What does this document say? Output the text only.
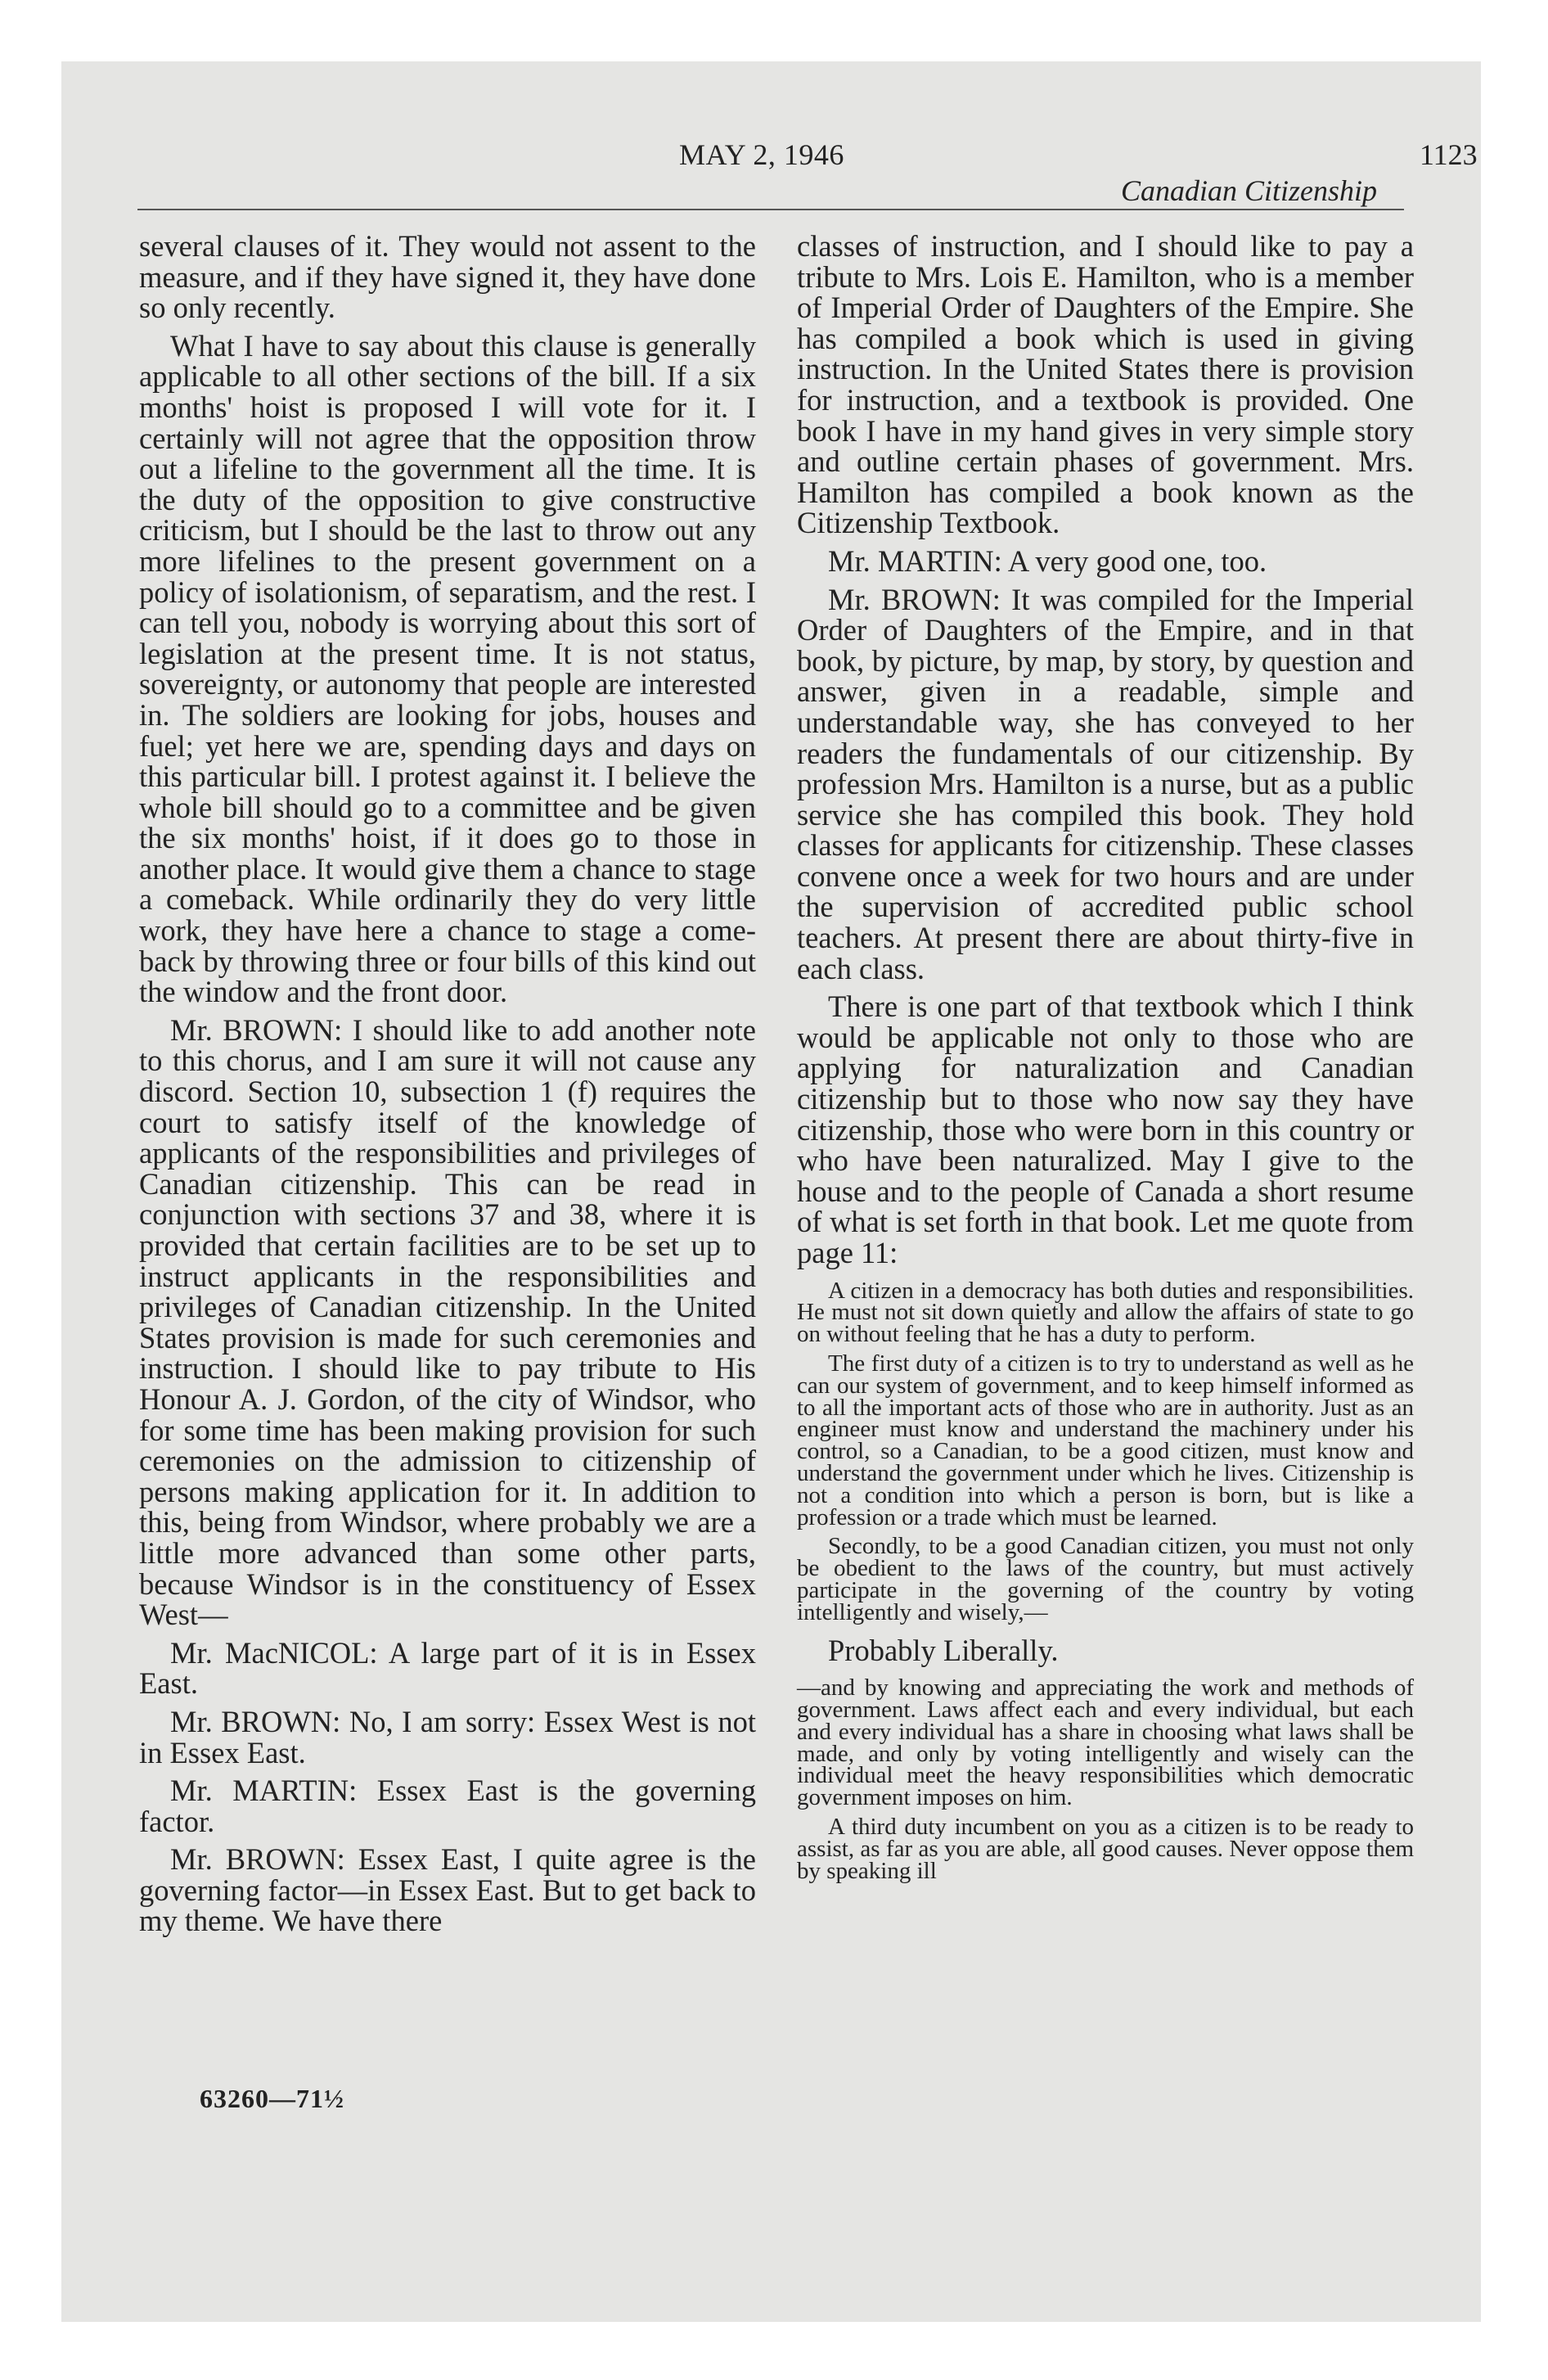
MAY 2, 1946	1123
Canadian Citizenship

several clauses of it. They would not assent to the measure, and if they have signed it, they have done so only recently.

What I have to say about this clause is generally applicable to all other sections of the bill. If a six months' hoist is proposed I will vote for it. I certainly will not agree that the opposition throw out a lifeline to the government all the time. It is the duty of the opposition to give constructive criticism, but I should be the last to throw out any more lifelines to the present government on a policy of isolationism, of separatism, and the rest. I can tell you, nobody is worrying about this sort of legislation at the present time. It is not status, sovereignty, or autonomy that people are interested in. The soldiers are looking for jobs, houses and fuel; yet here we are, spending days and days on this particular bill. I protest against it. I believe the whole bill should go to a committee and be given the six months' hoist, if it does go to those in another place. It would give them a chance to stage a comeback. While ordinarily they do very little work, they have here a chance to stage a come-back by throwing three or four bills of this kind out the window and the front door.

Mr. BROWN: I should like to add another note to this chorus, and I am sure it will not cause any discord. Section 10, subsection 1 (f) requires the court to satisfy itself of the knowledge of applicants of the responsibilities and privileges of Canadian citizenship. This can be read in conjunction with sections 37 and 38, where it is provided that certain facilities are to be set up to instruct applicants in the responsibilities and privileges of Canadian citizenship. In the United States provision is made for such ceremonies and instruction. I should like to pay tribute to His Honour A. J. Gordon, of the city of Windsor, who for some time has been making provision for such ceremonies on the admission to citizenship of persons making application for it. In addition to this, being from Windsor, where probably we are a little more advanced than some other parts, because Windsor is in the constituency of Essex West—

Mr. MacNICOL: A large part of it is in Essex East.

Mr. BROWN: No, I am sorry: Essex West is not in Essex East.

Mr. MARTIN: Essex East is the governing factor.

Mr. BROWN: Essex East, I quite agree is the governing factor—in Essex East. But to get back to my theme. We have there

classes of instruction, and I should like to pay a tribute to Mrs. Lois E. Hamilton, who is a member of Imperial Order of Daughters of the Empire. She has compiled a book which is used in giving instruction. In the United States there is provision for instruction, and a textbook is provided. One book I have in my hand gives in very simple story and outline certain phases of government. Mrs. Hamilton has compiled a book known as the Citizenship Textbook.

Mr. MARTIN: A very good one, too.

Mr. BROWN: It was compiled for the Imperial Order of Daughters of the Empire, and in that book, by picture, by map, by story, by question and answer, given in a readable, simple and understandable way, she has conveyed to her readers the fundamentals of our citizenship. By profession Mrs. Hamilton is a nurse, but as a public service she has compiled this book. They hold classes for applicants for citizenship. These classes convene once a week for two hours and are under the supervision of accredited public school teachers. At present there are about thirty-five in each class.

There is one part of that textbook which I think would be applicable not only to those who are applying for naturalization and Canadian citizenship but to those who now say they have citizenship, those who were born in this country or who have been naturalized. May I give to the house and to the people of Canada a short resume of what is set forth in that book. Let me quote from page 11:

A citizen in a democracy has both duties and responsibilities. He must not sit down quietly and allow the affairs of state to go on without feeling that he has a duty to perform.

The first duty of a citizen is to try to understand as well as he can our system of government, and to keep himself informed as to all the important acts of those who are in authority. Just as an engineer must know and understand the machinery under his control, so a Canadian, to be a good citizen, must know and understand the government under which he lives. Citizenship is not a condition into which a person is born, but is like a profession or a trade which must be learned.

Secondly, to be a good Canadian citizen, you must not only be obedient to the laws of the country, but must actively participate in the governing of the country by voting intelligently and wisely,—

Probably Liberally.

—and by knowing and appreciating the work and methods of government. Laws affect each and every individual, but each and every individual has a share in choosing what laws shall be made, and only by voting intelligently and wisely can the individual meet the heavy responsibilities which democratic government imposes on him.

A third duty incumbent on you as a citizen is to be ready to assist, as far as you are able, all good causes. Never oppose them by speaking ill

63260—71½
